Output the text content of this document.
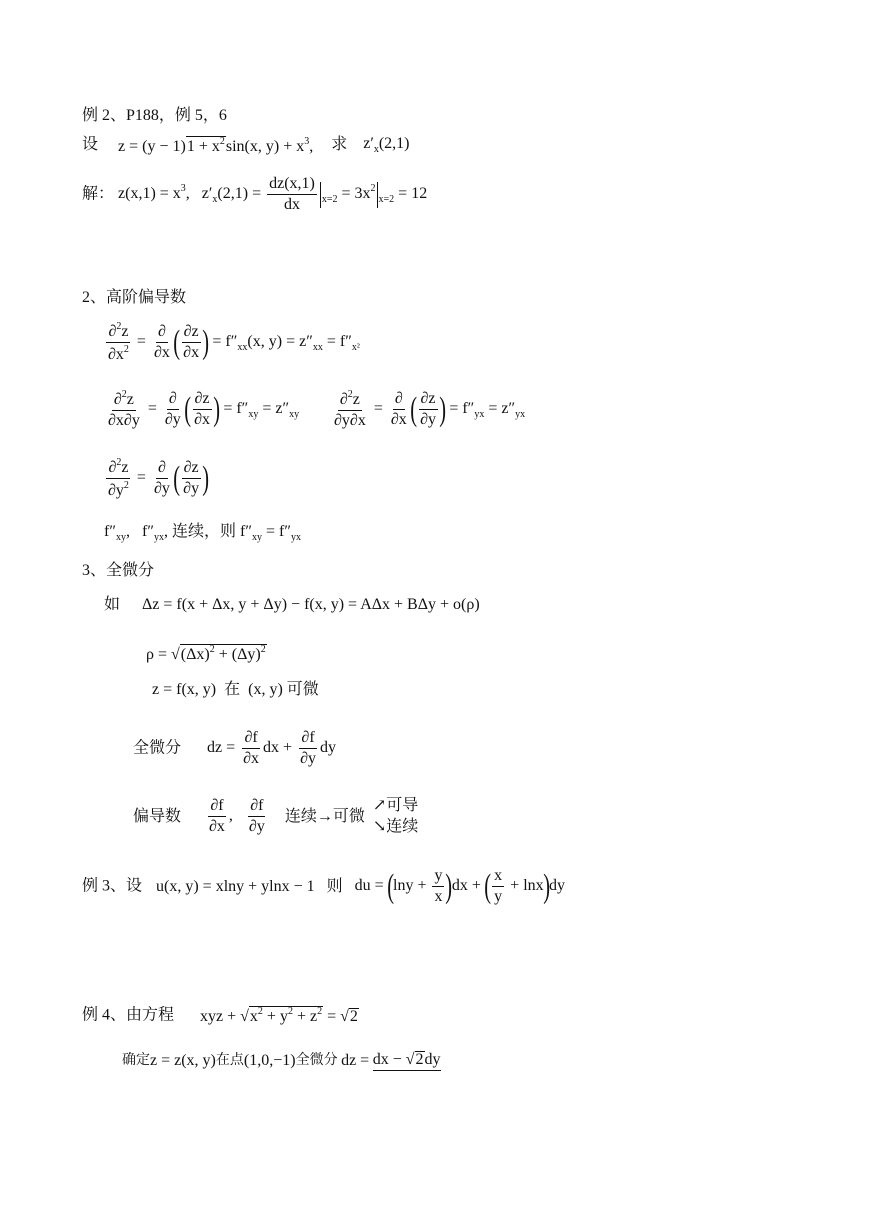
例 2、P188，例 5，6
设 $z = (y - 1)1 + x^2\sin(x$, $y) + x^3$, 求 $z'_x(2,1)$
解： $z(x,1) = x^3$,   $z'_x(2,1) = \frac{dz(x,1)}{dx} _{x=2} = 3x^2_{x=2} = 12$
2、高阶偏导数
$\frac{\partial^2z}{\partial x^2} = \frac{\partial}{\partial x}$ ( $\frac{\partial z}{\partial x}$ ) = $f''_{xx}(x$, $y) = z''_{xx} = f''_{x^2}$
$\frac{\partial^2z}{\partial x\partial y} = \frac{\partial}{\partial y}$ ( $\frac{\partial z}{\partial x}$ ) = $f''_{xy} = z''_{xy} \frac{\partial^2z}{\partial y\partial x} = \frac{\partial}{\partial x}$ ( $\frac{\partial z}{\partial y}$ ) = $f''_{yx} = z''_{yx}$
$\frac{\partial^2z}{\partial y^2} = \frac{\partial}{\partial y}$ ( $\frac{\partial z}{\partial y}$ )
$f''_{xy}$,   $f''_{yx}$, 连续，则 $f''_{xy} = f''_{yx}$
3、全微分
如 Δz = f(x + Δx, y + Δy) − f(x, y) = AΔx + BΔy + o(ρ)
$\rho = √(\Delta x)^2 + (\Delta y)^2$
z = f(x, y)  在  (x, y) 可微
全微分 dz = $\frac{\partial f}{\partial x}$ dx + $\frac{\partial f}{\partial y}$ dy
偏导数 $\frac{\partial f}{\partial x}$ , $\frac{\partial f}{\partial y}$ 连续→可微
↗可导
↘连续
例 3、设 u(x, y) = xlny + ylnx − 1 则 du = $(\ln y + \frac{y}{x} )dx$ + ( $\frac{x}{y} + \ln x)dy$
例 4、由方程 xyz + $√x^2 + y^2 + z^2 = √2$
确定z = z(x, y)在点(1,0,−1)全微分 dz = dx − √2dy
